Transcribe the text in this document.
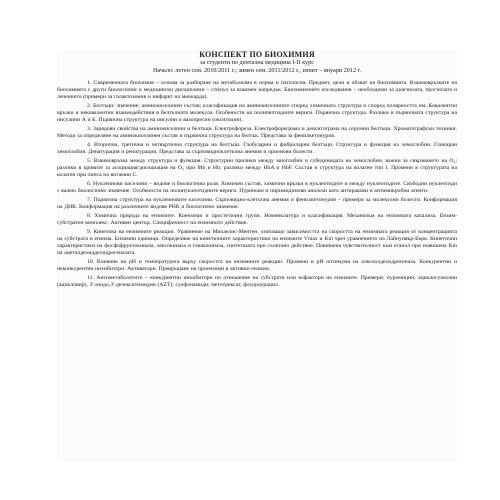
КОНСПЕКТ ПО БИОХИМИЯ
за студенти по дентална медицина I-II курс
Начало: летен сем. 2010/2011 г.; зимен сем. 2011/2012 г., изпит – януари 2012 г.

1. Съвременната биохимия – основа за разбиране на метаболизма в норма и патология. Предмет, цели и обхват на биохимията. Взаимовръзките на биохимията с други биологични и медицински дисциплини – стимул за взаимен напредък. Биохимичните изследвания – необходими за диагнозата, прогнозата и лечението (примери за галактоземия и инфаркт на миокарда).

2. Белтъци: значение; аминокиселинен състав; класификация на аминокиселините според химичната структура и според полярността им. Ковалентни връзки и нековалентни взаимодействия в белтъчната молекула. Особености на полипептидните вериги. Първична структура. Разлики в първичната структура на инсулини А и Б. Първична структура на инсулин и вазопресин (окситоцин).

3. Зарядови свойства на аминокиселини и белтъци. Електрофореза. Електрофореграма и денситограма на серумни белтъци. Хроматографски техники. Методи за определяне на аминокиселинен състав и първична структура на белтък. Представа за фенилкетонурия.

4. Вторична, третична и четвъртична структура на белтъци. Глобуларни и фибриларни белтъци. Структура и функция на хемоглобин. Гликиран хемоглобин. Денатурация и ренатурация. Представа за сърповидноклетъчна анемия и прионови болести.

5. Взаимовръзка между структура и функция. Структурни прилики между миоглобин и субединицата на хемоглобин, важни за свързването на O₂; разлики в кривите за асоциация/дисоциация на O₂ при Mb и Hb; разлики между HbA и HbF. Състав и структура на колаген тип I. Промени в структурата на колаген при липса на витамин С.

6. Нуклеинови киселини – видове и биологична роля. Химичен състав, химични връзки в нуклеотидите и между нуклеотидите. Свободни нуклеотиди с важно биологично значение. Особености на полинуклеотидните вериги. Пуринови и пиримидинови аналози като антиракови и антимикробни агенти.

7. Първична структура на нуклеиновите киселини. Сърповидно-клетъчна анемия и фенилкетонурия – примери за молекулни болести. Конформация на ДНК. Конформация на различните видове РНК и биологично значение.

8. Химична природа на ензимите. Коензими и простетични групи. Номенклатура и класификация. Механизъм на ензимната катализа. Ензим-субстратен комплекс. Активен център. Специфичност на ензимното действие.

9. Кинетика на ензимните реакции. Уравнение на Михаелис-Ментен, описващо зависимостта на скоростта на ензимната реакция от концентрацията на субстрата и ензима. Ензимни единици. Определяне на кинетичните характеристики на ензимите Vmax и Km чрез уравнението на Лайнуивър-Бърк. Кинетични характеристики на фосфофруктокиназа, хексокиназа и глюкокиназа, синтетазата при съчетано действие. Повишена чувствителност към етанол при повишена Km на ацеталдехиддехидрогеназата.

10. Влияние на pH и температурата върху скоростта на ензимните реакции. Промени в pH оптимума на алкохолдехидрогеназа. Конкурентни и неконкурентни инхибитори. Активатори. Превръщане на проензими в активни ензими.

11. Антиметаболитите – конкурентни инхибитори по отношение на субстрати или кофактори на ензимите. Примери: пуромицин; ациклогуанозин (ацикловир), 3'-азидо,3'-дезокситимидин (AZT); сулфонамиди; метотрексат, флуороурацил.
